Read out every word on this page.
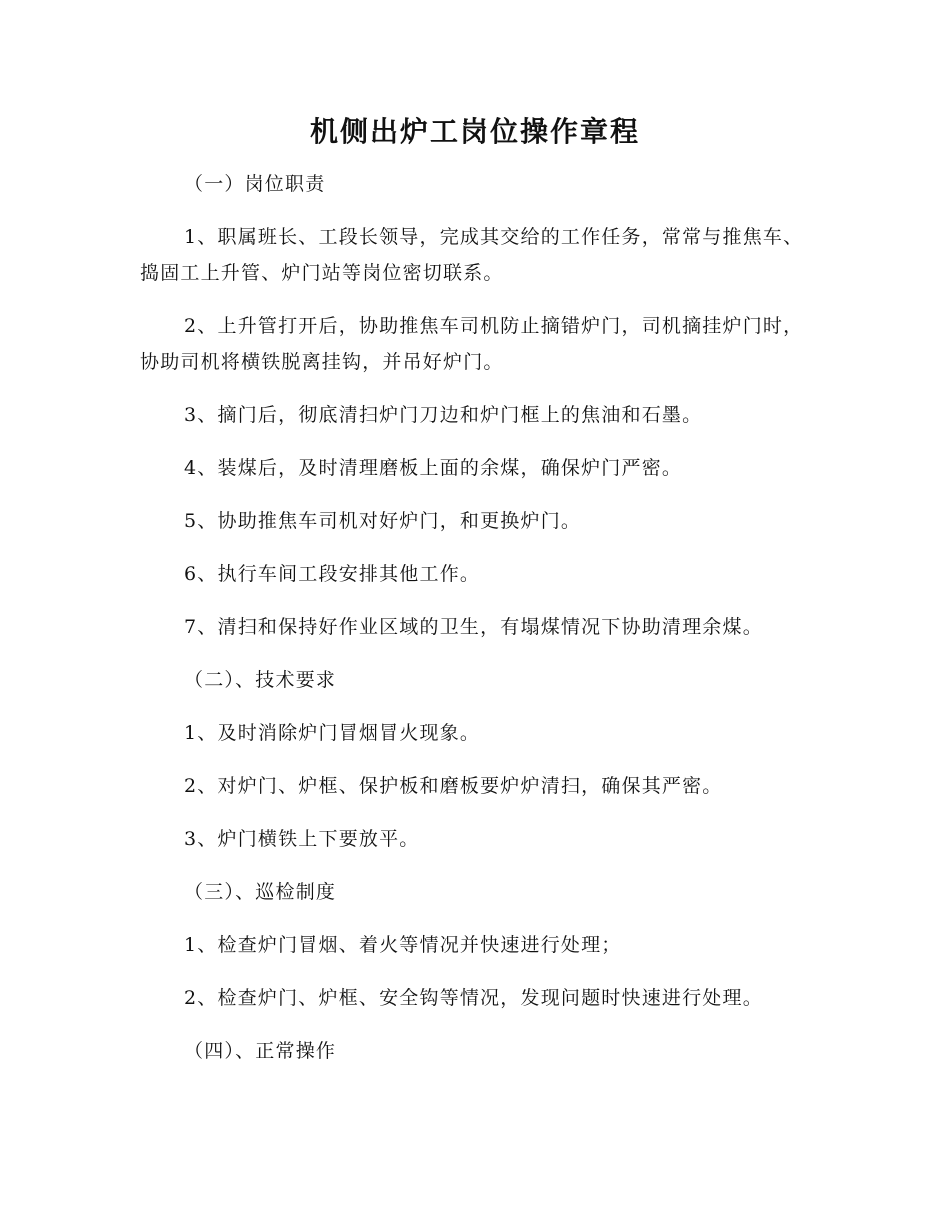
机侧出炉工岗位操作章程

（一）岗位职责

1、职属班长、工段长领导，完成其交给的工作任务，常常与推焦车、捣固工上升管、炉门站等岗位密切联系。

2、上升管打开后，协助推焦车司机防止摘错炉门，司机摘挂炉门时，协助司机将横铁脱离挂钩，并吊好炉门。

3、摘门后，彻底清扫炉门刀边和炉门框上的焦油和石墨。

4、装煤后，及时清理磨板上面的余煤，确保炉门严密。

5、协助推焦车司机对好炉门，和更换炉门。

6、执行车间工段安排其他工作。

7、清扫和保持好作业区域的卫生，有塌煤情况下协助清理余煤。

（二）、技术要求

1、及时消除炉门冒烟冒火现象。

2、对炉门、炉框、保护板和磨板要炉炉清扫，确保其严密。

3、炉门横铁上下要放平。

（三）、巡检制度

1、检查炉门冒烟、着火等情况并快速进行处理；

2、检查炉门、炉框、安全钩等情况，发现问题时快速进行处理。

（四）、正常操作
